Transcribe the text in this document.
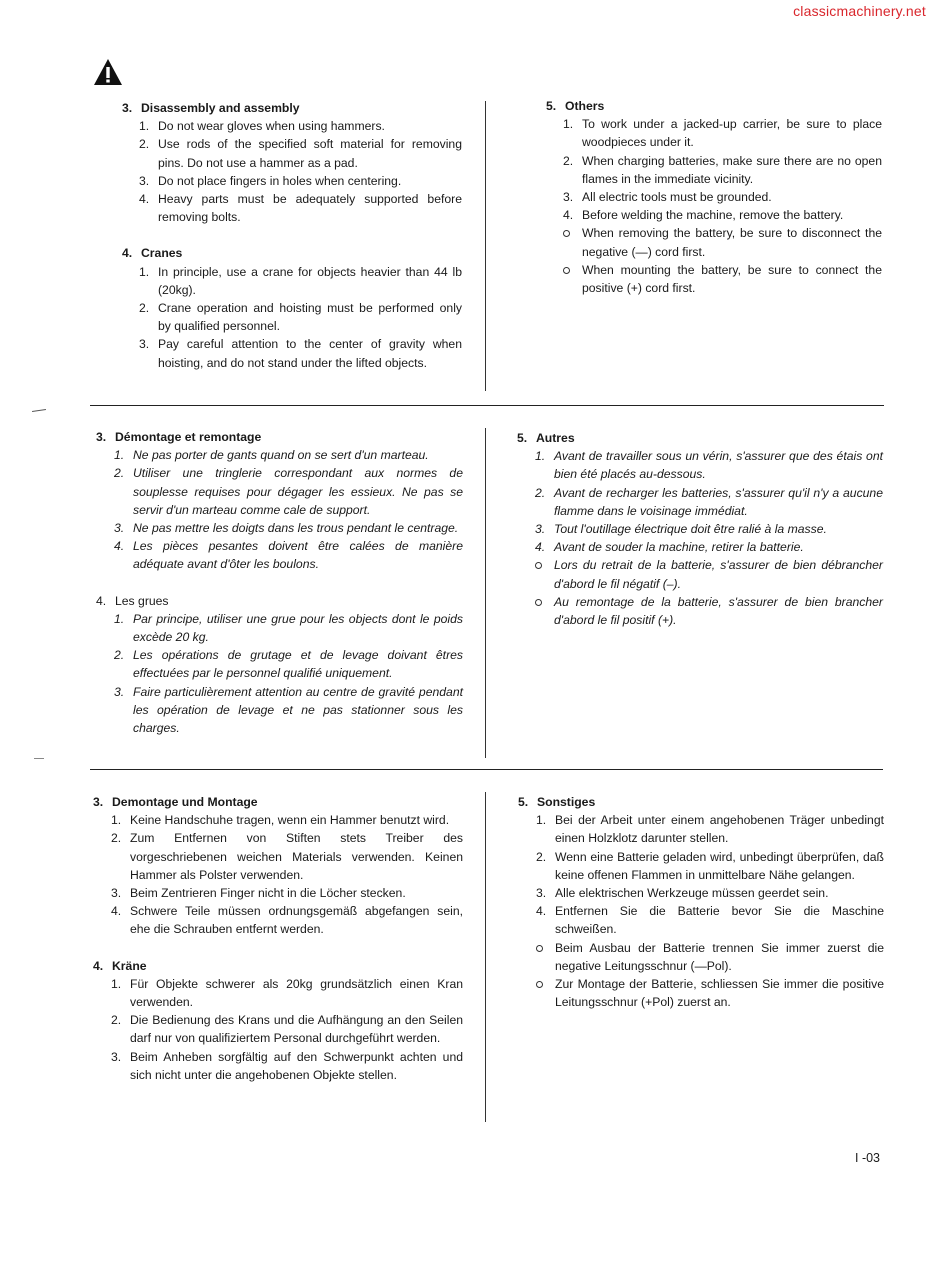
classicmachinery.net
3. Disassembly and assembly
1. Do not wear gloves when using hammers.
2. Use rods of the specified soft material for removing pins. Do not use a hammer as a pad.
3. Do not place fingers in holes when centering.
4. Heavy parts must be adequately supported before removing bolts.
4. Cranes
1. In principle, use a crane for objects heavier than 44 lb (20kg).
2. Crane operation and hoisting must be performed only by qualified personnel.
3. Pay careful attention to the center of gravity when hoisting, and do not stand under the lifted objects.
5. Others
1. To work under a jacked-up carrier, be sure to place woodpieces under it.
2. When charging batteries, make sure there are no open flames in the immediate vicinity.
3. All electric tools must be grounded.
4. Before welding the machine, remove the battery.
When removing the battery, be sure to disconnect the negative (—) cord first.
When mounting the battery, be sure to connect the positive (+) cord first.
3. Démontage et remontage
1. Ne pas porter de gants quand on se sert d'un marteau.
2. Utiliser une tringlerie correspondant aux normes de souplesse requises pour dégager les essieux. Ne pas se servir d'un marteau comme cale de support.
3. Ne pas mettre les doigts dans les trous pendant le centrage.
4. Les pièces pesantes doivent être calées de manière adéquate avant d'ôter les boulons.
4. Les grues
1. Par principe, utiliser une grue pour les objects dont le poids excède 20 kg.
2. Les opérations de grutage et de levage doivant êtres effectuées par le personnel qualifié uniquement.
3. Faire particulièrement attention au centre de gravité pendant les opération de levage et ne pas stationner sous les charges.
5. Autres
1. Avant de travailler sous un vérin, s'assurer que des étais ont bien été placés au-dessous.
2. Avant de recharger les batteries, s'assurer qu'il n'y a aucune flamme dans le voisinage immédiat.
3. Tout l'outillage électrique doit être ralié à la masse.
4. Avant de souder la machine, retirer la batterie.
Lors du retrait de la batterie, s'assurer de bien débrancher d'abord le fil négatif (–).
Au remontage de la batterie, s'assurer de bien brancher d'abord le fil positif (+).
3. Demontage und Montage
1. Keine Handschuhe tragen, wenn ein Hammer benutzt wird.
2. Zum Entfernen von Stiften stets Treiber des vorgeschriebenen weichen Materials verwenden. Keinen Hammer als Polster verwenden.
3. Beim Zentrieren Finger nicht in die Löcher stecken.
4. Schwere Teile müssen ordnungsgemäß abgefangen sein, ehe die Schrauben entfernt werden.
4. Kräne
1. Für Objekte schwerer als 20kg grundsätzlich einen Kran verwenden.
2. Die Bedienung des Krans und die Aufhängung an den Seilen darf nur von qualifiziertem Personal durchgeführt werden.
3. Beim Anheben sorgfältig auf den Schwerpunkt achten und sich nicht unter die angehobenen Objekte stellen.
5. Sonstiges
1. Bei der Arbeit unter einem angehobenen Träger unbedingt einen Holzklotz darunter stellen.
2. Wenn eine Batterie geladen wird, unbedingt überprüfen, daß keine offenen Flammen in unmittelbare Nähe gelangen.
3. Alle elektrischen Werkzeuge müssen geerdet sein.
4. Entfernen Sie die Batterie bevor Sie die Maschine schweißen.
Beim Ausbau der Batterie trennen Sie immer zuerst die negative Leitungsschnur (—Pol).
Zur Montage der Batterie, schliessen Sie immer die positive Leitungsschnur (+Pol) zuerst an.
I -03
